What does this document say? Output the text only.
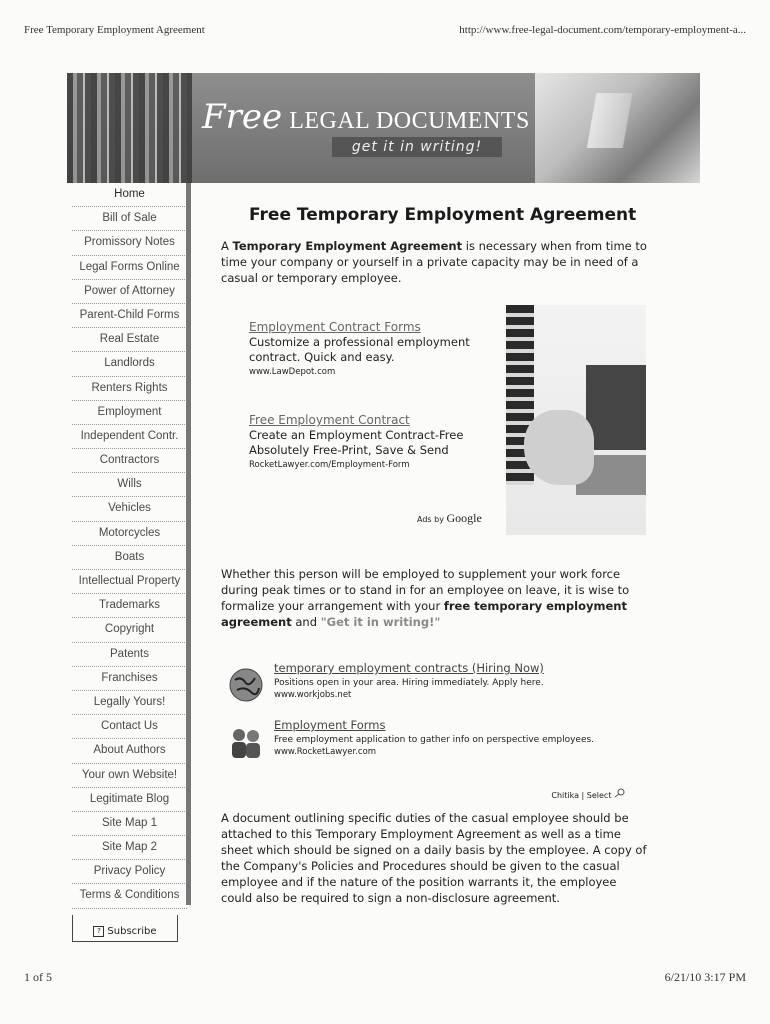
Free Temporary Employment Agreement	http://www.free-legal-document.com/temporary-employment-a...
Free LEGAL DOCUMENTS
get it in writing!
Home
Bill of Sale
Promissory Notes
Legal Forms Online
Power of Attorney
Parent-Child Forms
Real Estate
Landlords
Renters Rights
Employment
Independent Contr.
Contractors
Wills
Vehicles
Motorcycles
Boats
Intellectual Property
Trademarks
Copyright
Patents
Franchises
Legally Yours!
Contact Us
About Authors
Your own Website!
Legitimate Blog
Site Map 1
Site Map 2
Privacy Policy
Terms & Conditions
? Subscribe
Free Temporary Employment Agreement
A Temporary Employment Agreement is necessary when from time to time your company or yourself in a private capacity may be in need of a casual or temporary employee.
Employment Contract Forms
Customize a professional employment contract. Quick and easy.
www.LawDepot.com
Free Employment Contract
Create an Employment Contract-Free Absolutely Free-Print, Save & Send
RocketLawyer.com/Employment-Form
Ads by Google
Whether this person will be employed to supplement your work force during peak times or to stand in for an employee on leave, it is wise to formalize your arrangement with your free temporary employment agreement and "Get it in writing!"
temporary employment contracts (Hiring Now)
Positions open in your area. Hiring immediately. Apply here.
www.workjobs.net
Employment Forms
Free employment application to gather info on perspective employees.
www.RocketLawyer.com
Chitika | Select
A document outlining specific duties of the casual employee should be attached to this Temporary Employment Agreement as well as a time sheet which should be signed on a daily basis by the employee. A copy of the Company's Policies and Procedures should be given to the casual employee and if the nature of the position warrants it, the employee could also be required to sign a non-disclosure agreement.
1 of 5	6/21/10 3:17 PM
